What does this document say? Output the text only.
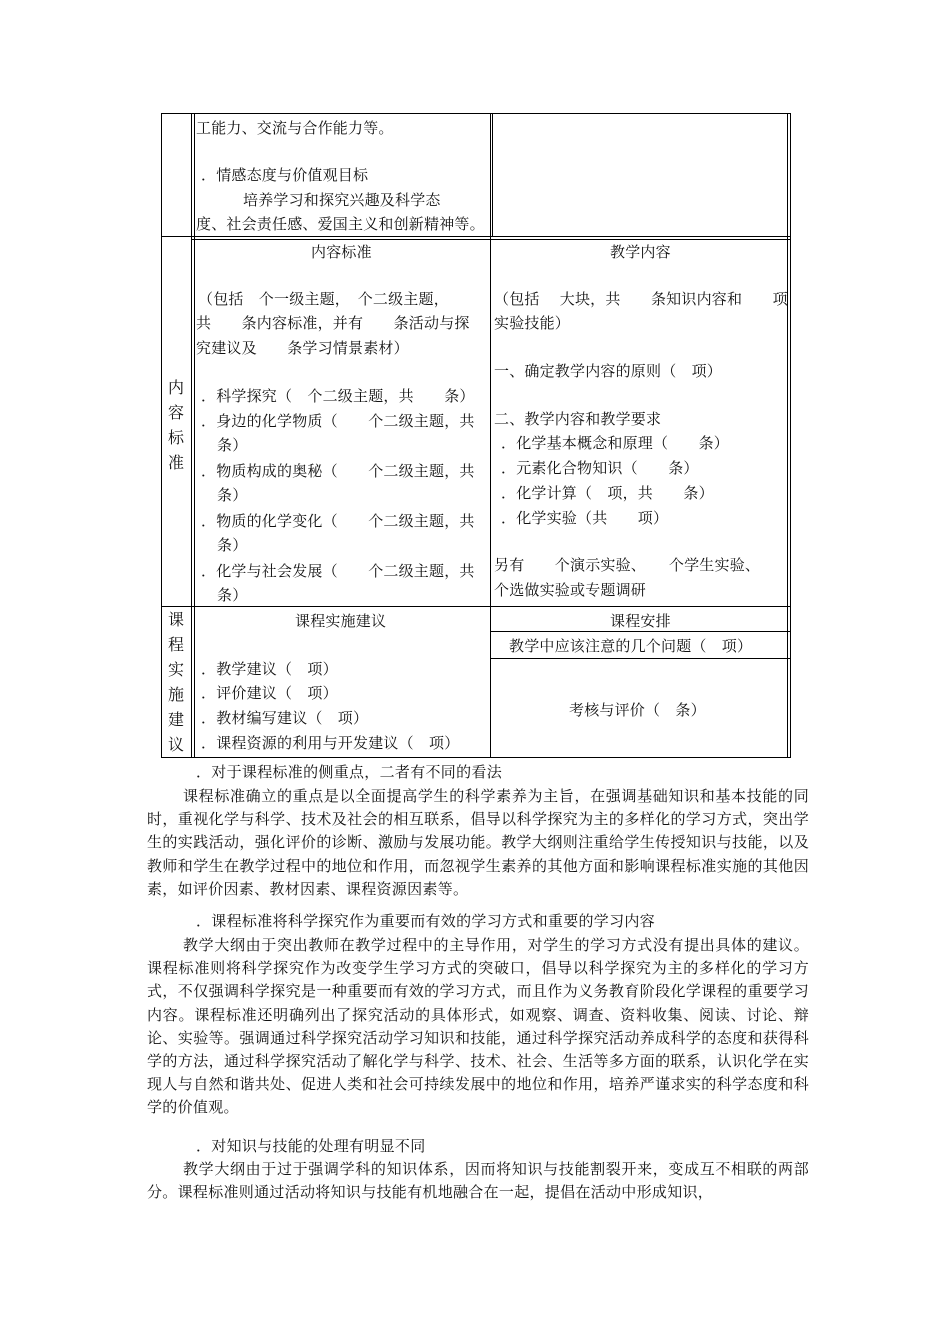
工能力、交流与合作能力等。
．情感态度与价值观目标
培养学习和探究兴趣及科学态
度、社会责任感、爱国主义和创新精神等。
内容标准
内容标准	教学内容
（包括　个一级主题，　个二级主题，
共　　条内容标准，并有　　条活动与探
究建议及　　条学习情景素材）
．科学探究（　个二级主题，共　　条）
．身边的化学物质（　　个二级主题，共
条）
．物质构成的奥秘（　　个二级主题，共
条）
．物质的化学变化（　　个二级主题，共
条）
．化学与社会发展（　　个二级主题，共
条）
（包括　 大块，共　　条知识内容和　　项
实验技能）
一、确定教学内容的原则（　项）
二、教学内容和教学要求
．化学基本概念和原理（　　条）
．元素化合物知识（　　条）
．化学计算（　项，共　　条）
．化学实验（共　　项）
另有　　个演示实验、　　个学生实验、
个选做实验或专题调研
课程实施建议
课程实施建议	课程安排
．教学建议（　项）
．评价建议（　项）
．教材编写建议（　项）
．课程资源的利用与开发建议（　项）
教学中应该注意的几个问题（　项）
考核与评价（　条）
．对于课程标准的侧重点，二者有不同的看法
课程标准确立的重点是以全面提高学生的科学素养为主旨，在强调基础知识和基本技能的同时，重视化学与科学、技术及社会的相互联系，倡导以科学探究为主的多样化的学习方式，突出学生的实践活动，强化评价的诊断、激励与发展功能。教学大纲则注重给学生传授知识与技能，以及教师和学生在教学过程中的地位和作用，而忽视学生素养的其他方面和影响课程标准实施的其他因素，如评价因素、教材因素、课程资源因素等。
．课程标准将科学探究作为重要而有效的学习方式和重要的学习内容
教学大纲由于突出教师在教学过程中的主导作用，对学生的学习方式没有提出具体的建议。课程标准则将科学探究作为改变学生学习方式的突破口，倡导以科学探究为主的多样化的学习方式，不仅强调科学探究是一种重要而有效的学习方式，而且作为义务教育阶段化学课程的重要学习内容。课程标准还明确列出了探究活动的具体形式，如观察、调查、资料收集、阅读、讨论、辩论、实验等。强调通过科学探究活动学习知识和技能，通过科学探究活动养成科学的态度和获得科学的方法，通过科学探究活动了解化学与科学、技术、社会、生活等多方面的联系，认识化学在实现人与自然和谐共处、促进人类和社会可持续发展中的地位和作用，培养严谨求实的科学态度和科学的价值观。
．对知识与技能的处理有明显不同
教学大纲由于过于强调学科的知识体系，因而将知识与技能割裂开来，变成互不相联的两部分。课程标准则通过活动将知识与技能有机地融合在一起，提倡在活动中形成知识，
